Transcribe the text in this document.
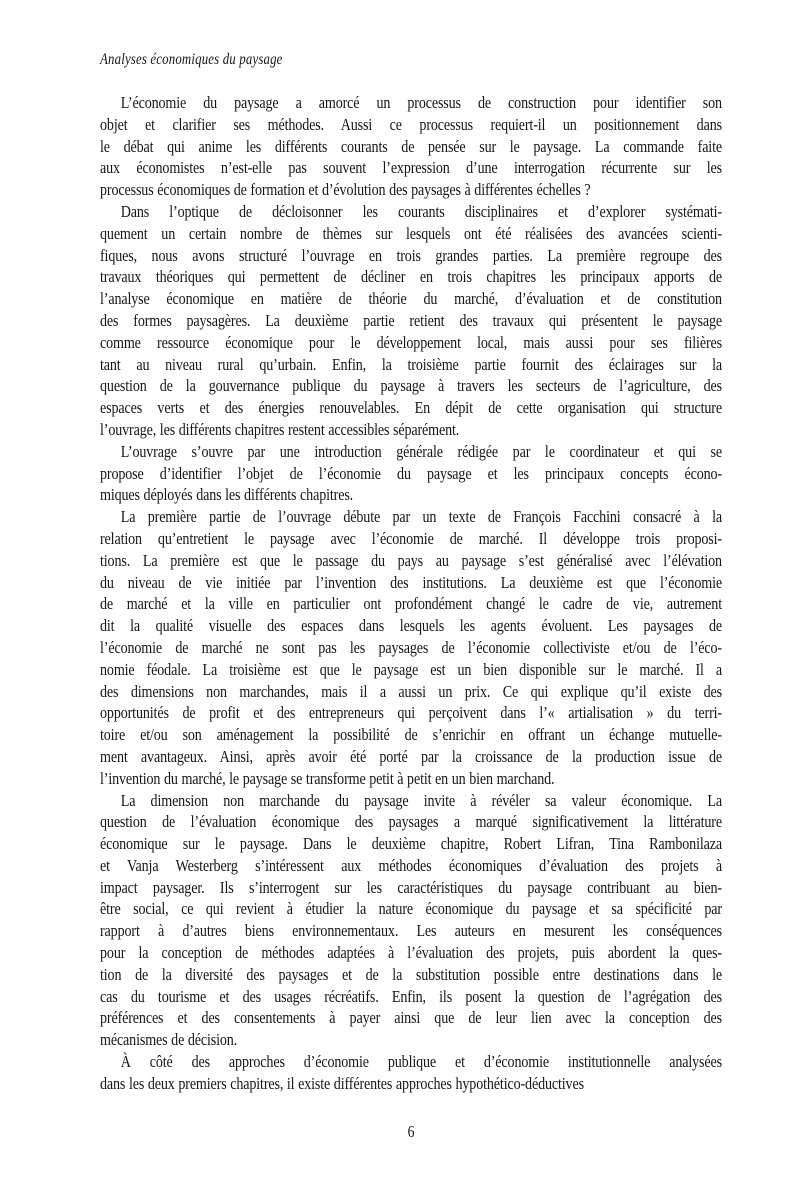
Analyses économiques du paysage
L’économie du paysage a amorcé un processus de construction pour identifier son
objet et clarifier ses méthodes. Aussi ce processus requiert-il un positionnement dans
le débat qui anime les différents courants de pensée sur le paysage. La commande faite
aux économistes n’est-elle pas souvent l’expression d’une interrogation récurrente sur les
processus économiques de formation et d’évolution des paysages à différentes échelles ?
Dans l’optique de décloisonner les courants disciplinaires et d’explorer systémati-
quement un certain nombre de thèmes sur lesquels ont été réalisées des avancées scienti-
fiques, nous avons structuré l’ouvrage en trois grandes parties. La première regroupe des
travaux théoriques qui permettent de décliner en trois chapitres les principaux apports de
l’analyse économique en matière de théorie du marché, d’évaluation et de constitution
des formes paysagères. La deuxième partie retient des travaux qui présentent le paysage
comme ressource économique pour le développement local, mais aussi pour ses filières
tant au niveau rural qu’urbain. Enfin, la troisième partie fournit des éclairages sur la
question de la gouvernance publique du paysage à travers les secteurs de l’agriculture, des
espaces verts et des énergies renouvelables. En dépit de cette organisation qui structure
l’ouvrage, les différents chapitres restent accessibles séparément.
L’ouvrage s’ouvre par une introduction générale rédigée par le coordinateur et qui se
propose d’identifier l’objet de l’économie du paysage et les principaux concepts écono-
miques déployés dans les différents chapitres.
La première partie de l’ouvrage débute par un texte de François Facchini consacré à la
relation qu’entretient le paysage avec l’économie de marché. Il développe trois proposi-
tions. La première est que le passage du pays au paysage s’est généralisé avec l’élévation
du niveau de vie initiée par l’invention des institutions. La deuxième est que l’économie
de marché et la ville en particulier ont profondément changé le cadre de vie, autrement
dit la qualité visuelle des espaces dans lesquels les agents évoluent. Les paysages de
l’économie de marché ne sont pas les paysages de l’économie collectiviste et/ou de l’éco-
nomie féodale. La troisième est que le paysage est un bien disponible sur le marché. Il a
des dimensions non marchandes, mais il a aussi un prix. Ce qui explique qu’il existe des
opportunités de profit et des entrepreneurs qui perçoivent dans l’« artialisation » du terri-
toire et/ou son aménagement la possibilité de s’enrichir en offrant un échange mutuelle-
ment avantageux. Ainsi, après avoir été porté par la croissance de la production issue de
l’invention du marché, le paysage se transforme petit à petit en un bien marchand.
La dimension non marchande du paysage invite à révéler sa valeur économique. La
question de l’évaluation économique des paysages a marqué significativement la littérature
économique sur le paysage. Dans le deuxième chapitre, Robert Lifran, Tina Rambonilaza
et Vanja Westerberg s’intéressent aux méthodes économiques d’évaluation des projets à
impact paysager. Ils s’interrogent sur les caractéristiques du paysage contribuant au bien-
être social, ce qui revient à étudier la nature économique du paysage et sa spécificité par
rapport à d’autres biens environnementaux. Les auteurs en mesurent les conséquences
pour la conception de méthodes adaptées à l’évaluation des projets, puis abordent la ques-
tion de la diversité des paysages et de la substitution possible entre destinations dans le
cas du tourisme et des usages récréatifs. Enfin, ils posent la question de l’agrégation des
préférences et des consentements à payer ainsi que de leur lien avec la conception des
mécanismes de décision.
À côté des approches d’économie publique et d’économie institutionnelle analysées
dans les deux premiers chapitres, il existe différentes approches hypothético-déductives
6
